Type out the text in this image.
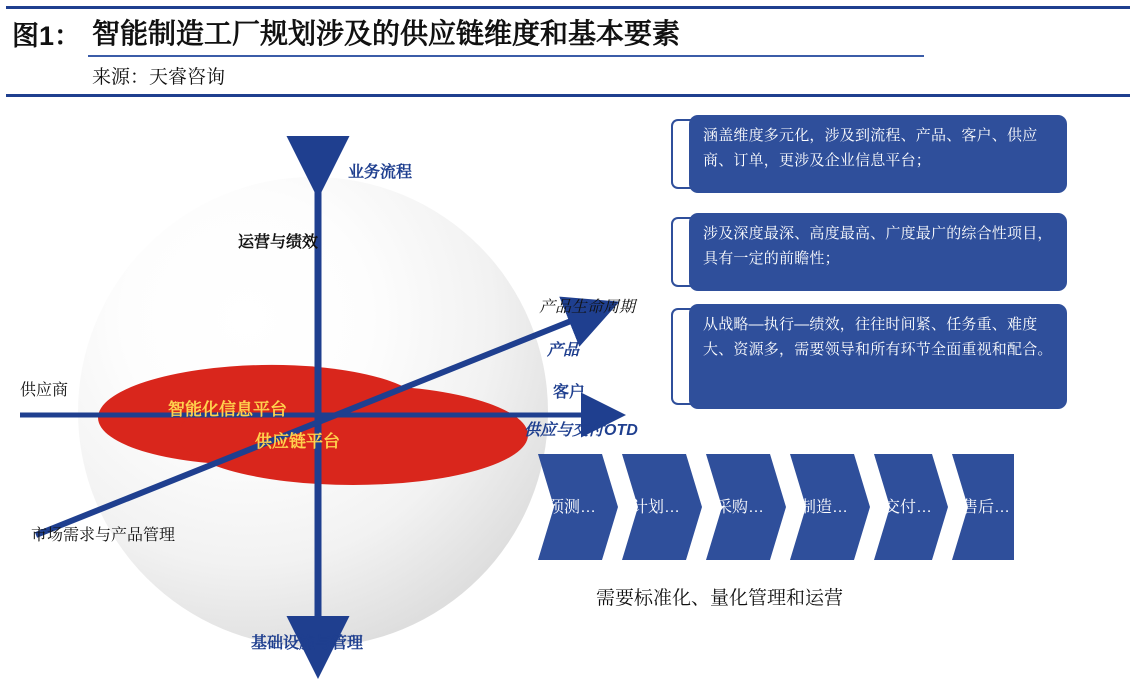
图1： 智能制造工厂规划涉及的供应链维度和基本要素
来源：天睿咨询
业务流程
基础设施与管理
供应商	客户
产品生命周期
产品
市场需求与产品管理
供应与交付OTD
运营与绩效
智能化信息平台
供应链平台
涵盖维度多元化，涉及到流程、产品、客户、供应商、订单，更涉及企业信息平台；
涉及深度最深、高度最高、广度最广的综合性项目，具有一定的前瞻性；
从战略—执行—绩效，往往时间紧、任务重、难度大、资源多，需要领导和所有环节全面重视和配合。
预测… 计划… 采购… 制造… 交付… 售后…
需要标准化、量化管理和运营
